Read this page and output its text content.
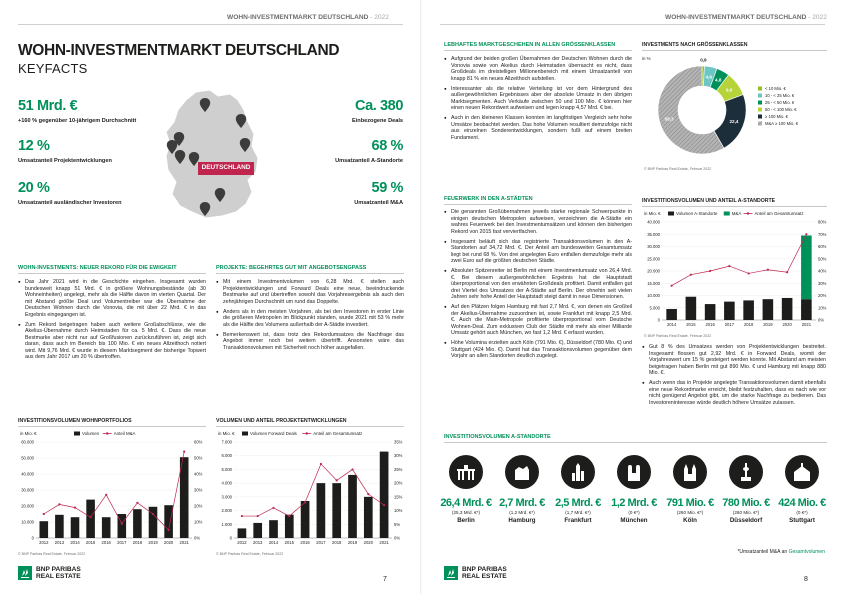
WOHN-INVESTMENTMARKT DEUTSCHLAND - 2022
WOHN-INVESTMENTMARKT DEUTSCHLAND
KEYFACTS
51 Mrd. €
+160 % gegenüber 10-jährigem Durchschnitt
Ca. 380
Einbezogene Deals
12 %
Umsatzanteil Projektentwicklungen
68 %
Umsatzanteil A-Standorte
20 %
Umsatzanteil ausländischer Investoren
59 %
Umsatzanteil M&A
DEUTSCHLAND
WOHN-INVESTMENTS: NEUER REKORD FÜR DIE EWIGKEIT
● Das Jahr 2021 wird in die Geschichte eingehen. Insgesamt wurden bundesweit knapp 51 Mrd. € in größere Wohnungsbestände (ab 30 Wohneinheiten) angelegt, mehr als die Hälfte davon im vierten Quartal. Der mit Abstand größte Deal und Volumentreiber war die Übernahme der Deutschen Wohnen durch die Vonovia, die mit über 22 Mrd. € in das Ergebnis eingegangen ist.
● Zum Rekord beigetragen haben auch weitere Großabschlüsse, wie die Akelius-Übernahme durch Heimstaden für ca. 5 Mrd. €. Dass die neue Bestmarke aber nicht nur auf Großfusionen zurückzuführen ist, zeigt sich daran, dass auch im Bereich bis 100 Mio. € ein neues Allzeithoch notiert wird. Mit 9,76 Mrd. € wurde in diesem Marktsegment der bisherige Topwert aus dem Jahr 2017 um 20 % übertroffen.
PROJEKTE: BEGEHRTES GUT MIT ANGEBOTSENGPASS
● Mit einem Investmentvolumen von 6,28 Mrd. € stellen auch Projektentwicklungen und Forward Deals eine neue, beeindruckende Bestmarke auf und übertreffen sowohl das Vorjahresergebnis als auch den zehnjährigen Durchschnitt um rund das Doppelte.
● Anders als in den meisten Vorjahren, als bei den Investoren in erster Linie die größeren Metropolen im Blickpunkt standen, wurde 2021 mit 53 % mehr als die Hälfte des Volumens außerhalb der A-Städte investiert.
● Bemerkenswert ist, dass trotz des Rekordumsatzes die Nachfrage das Angebot immer noch bei weitem übertrifft. Ansonsten wäre das Transaktionsvolumen mit Sicherheit noch höher ausgefallen.
INVESTITIONSVOLUMEN WOHNPORTFOLIOS
in Mio. €	Volumen	Anteil M&A
0
10.000
20.000
30.000
40.000
50.000
60.000
0%
10%
20%
30%
40%
50%
60%
2012 2013 2014 2015 2016 2017 2018 2019 2020 2021
© BNP Paribas Real Estate, Februar 2022
VOLUMEN UND ANTEIL PROJEKTENTWICKLUNGEN
in Mio. €	Volumen Forward Deals	Anteil am Gesamtumsatz
0
1.000
2.000
3.000
4.000
5.000
6.000
7.000
0%
5%
10%
15%
20%
25%
30%
35%
2012 2013 2014 2015 2016 2017 2018 2019 2020 2021
© BNP Paribas Real Estate, Februar 2022
BNP PARIBAS
REAL ESTATE	7
WOHN-INVESTMENTMARKT DEUTSCHLAND - 2022
LEBHAFTES MARKTGESCHEHEN IN ALLEN GRÖSSENKLASSEN
● Aufgrund der beiden großen Übernahmen der Deutschen Wohnen durch die Vonovia sowie von Akelius durch Heimstaden überrascht es nicht, dass Großdeals im dreistelligen Millionenbereich mit einem Umsatzanteil von knapp 81 % ein neues Allzeithoch aufstellen.
● Interessanter als die relative Verteilung ist vor dem Hintergrund des außergewöhnlichen Ergebnisses aber der absolute Umsatz in den übrigen Marktsegmenten. Auch Verkäufe zwischen 50 und 100 Mio. € können hier einen neuen Rekordwert aufweisen und legen knapp 4,57 Mrd. € bei.
● Auch in den kleineren Klassen konnten im langfristigen Vergleich sehr hohe Umsätze beobachtet werden. Das hohe Volumen resultiert demzufolge nicht aus einzelnen Sonderentwicklungen, sondern fußt auf einem breiten Fundament.
INVESTMENTS NACH GRÖSSENKLASSEN
in %	0,9
4,6
4,8
9,0
22,4
58,3
< 10 Mio. €
10 - < 25 Mio. €
25 - < 50 Mio. €
50 - < 100 Mio. €
≥ 100 Mio. €
M&A ≥ 100 Mio. €
© BNP Paribas Real Estate, Februar 2022
FEUERWERK IN DEN A-STÄDTEN
● Die genannten Großübernahmen jeweils starke regionale Schwerpunkte in einigen deutschen Metropolen aufweisen, verzeichnen die A-Städte ein wahres Feuerwerk bei den Investmentumsätzen und können den bisherigen Rekord von 2015 fast verviertfachen.
● Insgesamt beläuft sich das registrierte Transaktionsvolumen in den A-Standorten auf 34,72 Mrd. €. Der Anteil am bundesweiten Gesamtumsatz liegt bei rund 68 %. Von drei angelegten Euro entfallen demzufolge mehr als zwei Euro auf die größten deutschen Städte.
● Absoluter Spitzenreiter ist Berlin mit einem Investmentumsatz von 26,4 Mrd. €. Bei diesem außergewöhnlichen Ergebnis hat die Hauptstadt überproportional von den erwähnten Großdeals profitiert. Damit entfallen gut drei Viertel des Umsatzes der A-Städte auf Berlin. Der ohnehin seit vielen Jahren sehr hohe Anteil der Hauptstadt steigt damit in neue Dimensionen.
● Auf den Plätzen folgen Hamburg mit fast 2,7 Mrd. €, von denen ein Großteil der Akelius-Übernahme zuzuordnen ist, sowie Frankfurt mit knapp 2,5 Mrd. €. Auch die Main-Metropole profitierte überproportional vom Deutsche Wohnen-Deal. Zum exklusiven Club der Städte mit mehr als einer Milliarde Umsatz gehört auch München, wo fast 1,2 Mrd. € erfasst wurden.
● Höhe Volumina erzielten auch Köln (791 Mio. €), Düsseldorf (780 Mio. €) und Stuttgart (424 Mio. €). Damit hat das Transaktionsvolumen gegenüber dem Vorjahr an allen Standorten deutlich zugelegt.
INVESTITIONSVOLUMEN UND ANTEIL A-STANDORTE
in Mio. €	Volumen A-Standorte	M&A	Anteil am Gesamtumsatz
0
5.000
10.000
15.000
20.000
25.000
30.000
35.000
40.000
0%
10%
20%
30%
40%
50%
60%
70%
80%
2014 2015 2016 2017 2018 2019 2020 2021
© BNP Paribas Real Estate, Februar 2022
● Gut 8 % des Umsatzes werden von Projektentwicklungen bestreitet. Insgesamt flossen gut 2,92 Mrd. € in Forward Deals, womit der Vorjahreswert um 15 % gesteigert werden konnte. Mit Abstand am meisten beigetragen haben Berlin mit gut 890 Mio. € und Hamburg mit knapp 880 Mio. €.
● Auch wenn das in Projekte angelegte Transaktionsvolumen damit ebenfalls eine neue Rekordmarke erreicht, bleibt festzuhalten, dass es nach wie vor nicht genügend Angebot gibt, um die starke Nachfrage zu bedienen. Das Investoreninteresse würde deutlich höhere Umsätze zulassen.
INVESTITIONSVOLUMEN A-STANDORTE
26,4 Mrd. €
(25,3 Mrd. €*)
Berlin
2,7 Mrd. €
(1,2 Mrd. €*)
Hamburg
2,5 Mrd. €
(1,7 Mrd. €*)
Frankfurt
1,2 Mrd. €
(0 €*)
München
791 Mio. €
(260 Mio. €*)
Köln
780 Mio. €
(260 Mio. €*)
Düsseldorf
424 Mio. €
(0 €*)
Stuttgart
*Umsatzanteil M&A an Gesamtvolumen
BNP PARIBAS
REAL ESTATE	8
